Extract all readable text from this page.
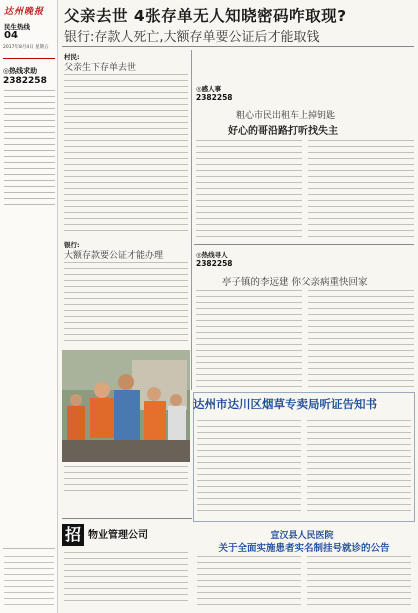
达州晚报
民生热线
04
2017年8月4日 星期五
◎热线求助
2382258
父亲去世 4张存单无人知晓密码咋取现?
银行:存款人死亡,大额存单要公证后才能取钱
村民:
父亲生下存单去世
银行:
大额存款要公证才能办理
招 物业管理公司
◎感人事
2382258
粗心市民出租车上掉钥匙
好心的哥沿路打听找失主
◎热线寻人
2382258
亭子镇的李远建 你父亲病重快回家
达州市达川区烟草专卖局听证告知书
宣汉县人民医院
关于全面实施患者实名制挂号就诊的公告
